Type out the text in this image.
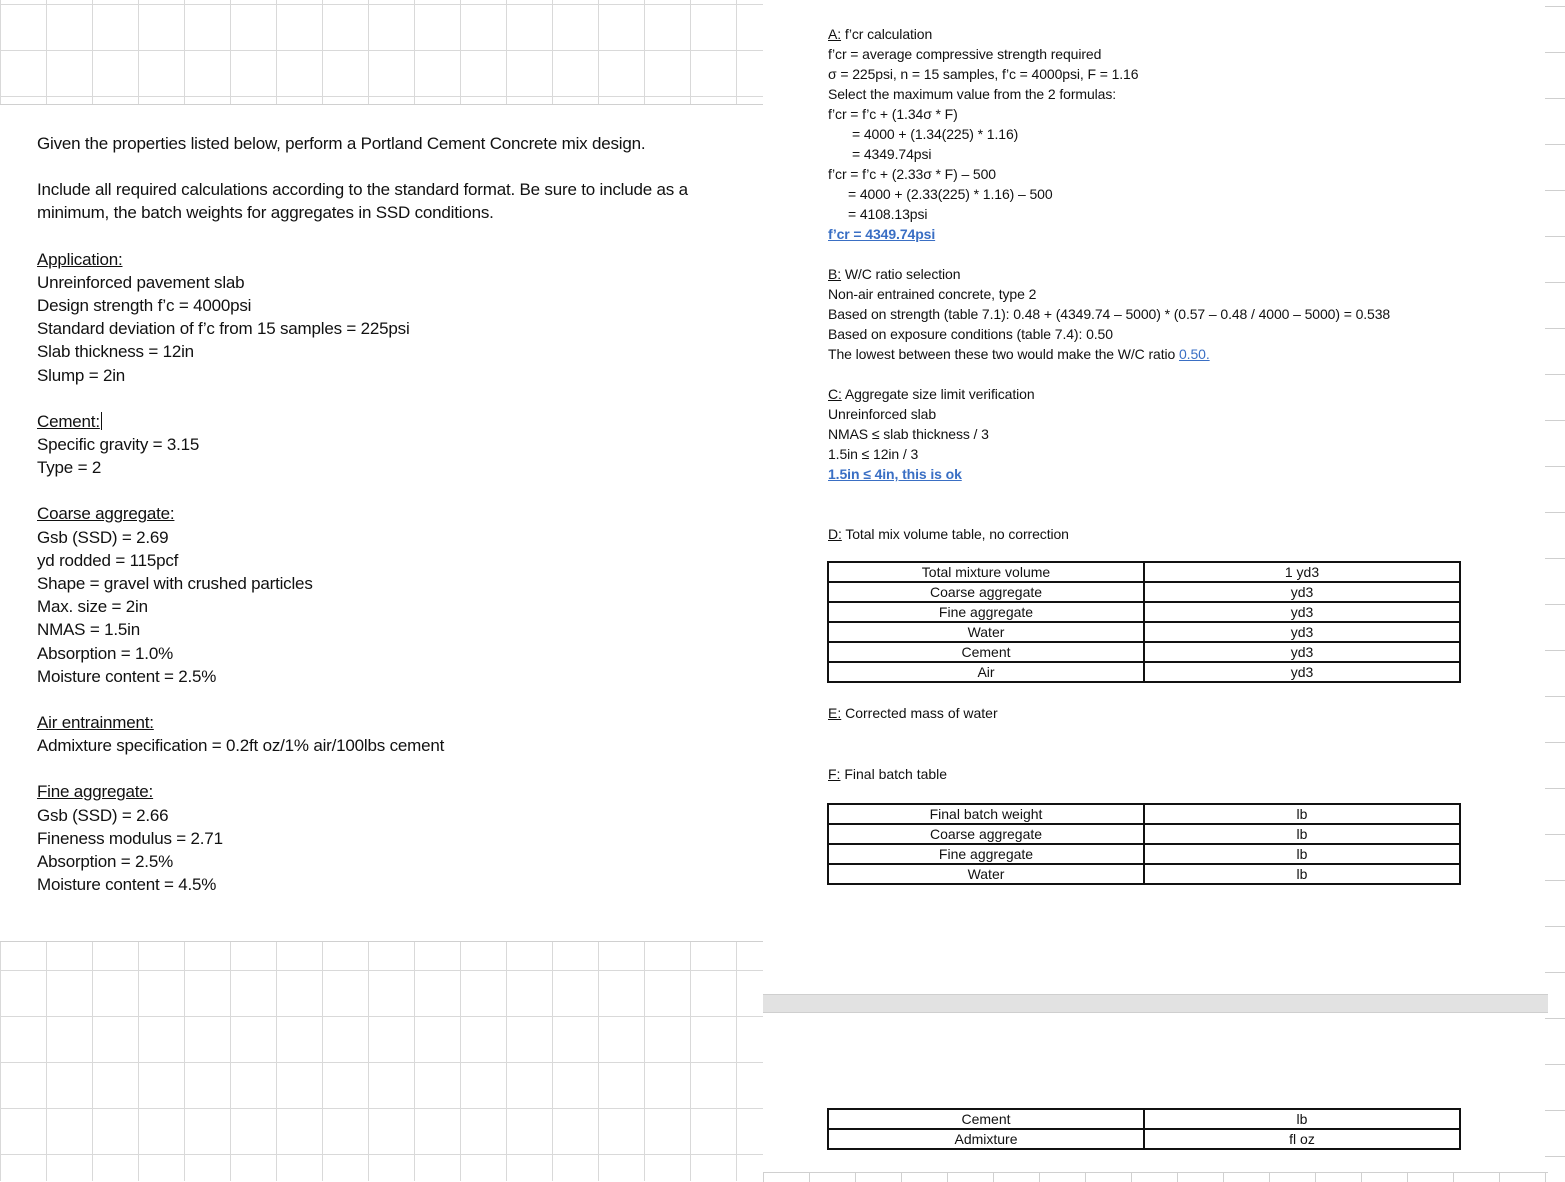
Given the properties listed below, perform a Portland Cement Concrete mix design.
Include all required calculations according to the standard format. Be sure to include as a
minimum, the batch weights for aggregates in SSD conditions.
Application:
Unreinforced pavement slab
Design strength f’c = 4000psi
Standard deviation of f’c from 15 samples = 225psi
Slab thickness = 12in
Slump = 2in
Cement:
Specific gravity = 3.15
Type = 2
Coarse aggregate:
Gsb (SSD) = 2.69
yd rodded = 115pcf
Shape = gravel with crushed particles
Max. size = 2in
NMAS = 1.5in
Absorption = 1.0%
Moisture content = 2.5%
Air entrainment:
Admixture specification = 0.2ft oz/1% air/100lbs cement
Fine aggregate:
Gsb (SSD) = 2.66
Fineness modulus = 2.71
Absorption = 2.5%
Moisture content = 4.5%
A: f’cr calculation
f’cr = average compressive strength required
σ = 225psi, n = 15 samples, f’c = 4000psi, F = 1.16
Select the maximum value from the 2 formulas:
f’cr = f’c + (1.34σ * F)
= 4000 + (1.34(225) * 1.16)
= 4349.74psi
f’cr = f’c + (2.33σ * F) – 500
= 4000 + (2.33(225) * 1.16) – 500
= 4108.13psi
f’cr = 4349.74psi
B: W/C ratio selection
Non-air entrained concrete, type 2
Based on strength (table 7.1): 0.48 + (4349.74 – 5000) * (0.57 – 0.48 / 4000 – 5000) = 0.538
Based on exposure conditions (table 7.4): 0.50
The lowest between these two would make the W/C ratio 0.50.
C: Aggregate size limit verification
Unreinforced slab
NMAS ≤ slab thickness / 3
1.5in ≤ 12in / 3
1.5in ≤ 4in, this is ok
D: Total mix volume table, no correction
E: Corrected mass of water
F: Final batch table
Total mixture volume	1 yd3
Coarse aggregate	yd3
Fine aggregate	yd3
Water	yd3
Cement	yd3
Air	yd3
Final batch weight	lb
Coarse aggregate	lb
Fine aggregate	lb
Water	lb
Cement	lb
Admixture	fl oz
